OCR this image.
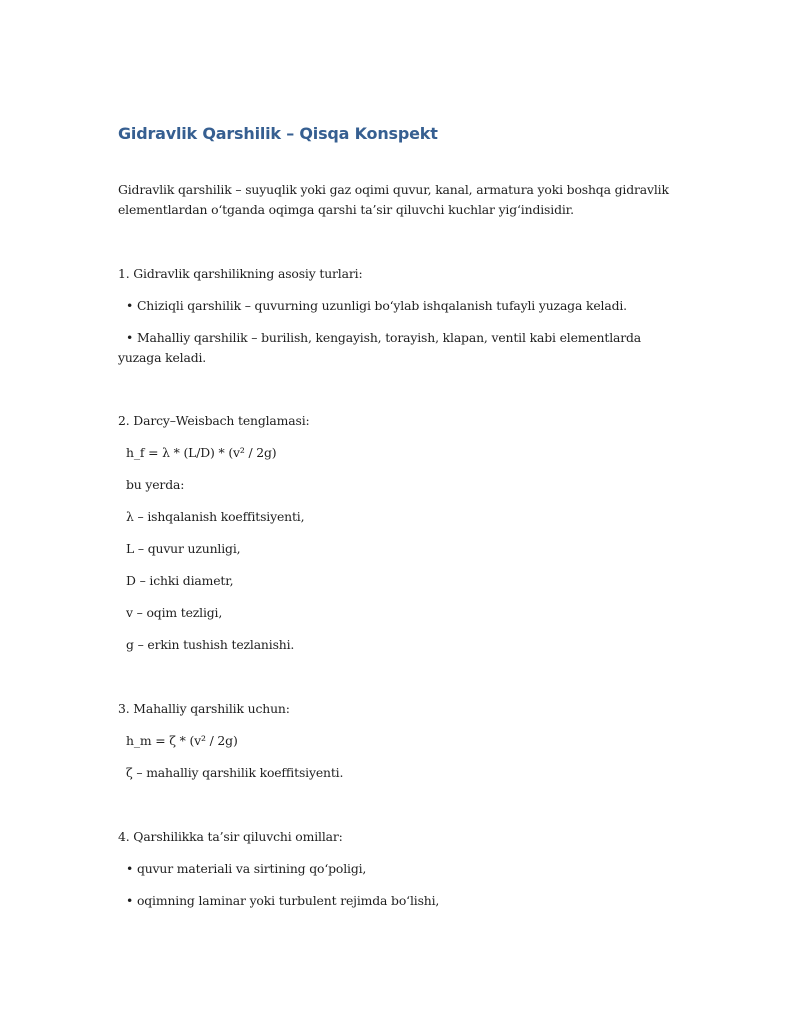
Gidravlik Qarshilik – Qisqa Konspekt

Gidravlik qarshilik – suyuqlik yoki gaz oqimi quvur, kanal, armatura yoki boshqa gidravlik elementlardan o‘tganda oqimga qarshi ta’sir qiluvchi kuchlar yig‘indisidir.

1. Gidravlik qarshilikning asosiy turlari:

• Chiziqli qarshilik – quvurning uzunligi bo‘ylab ishqalanish tufayli yuzaga keladi.

• Mahalliy qarshilik – burilish, kengayish, torayish, klapan, ventil kabi elementlarda yuzaga keladi.

2. Darcy–Weisbach tenglamasi:

h_f = λ * (L/D) * (v² / 2g)

bu yerda:

λ – ishqalanish koeffitsiyenti,

L – quvur uzunligi,

D – ichki diametr,

v – oqim tezligi,

g – erkin tushish tezlanishi.

3. Mahalliy qarshilik uchun:

h_m = ζ * (v² / 2g)

ζ – mahalliy qarshilik koeffitsiyenti.

4. Qarshilikka ta’sir qiluvchi omillar:

• quvur materiali va sirtining qo‘poligi,

• oqimning laminar yoki turbulent rejimda bo‘lishi,
